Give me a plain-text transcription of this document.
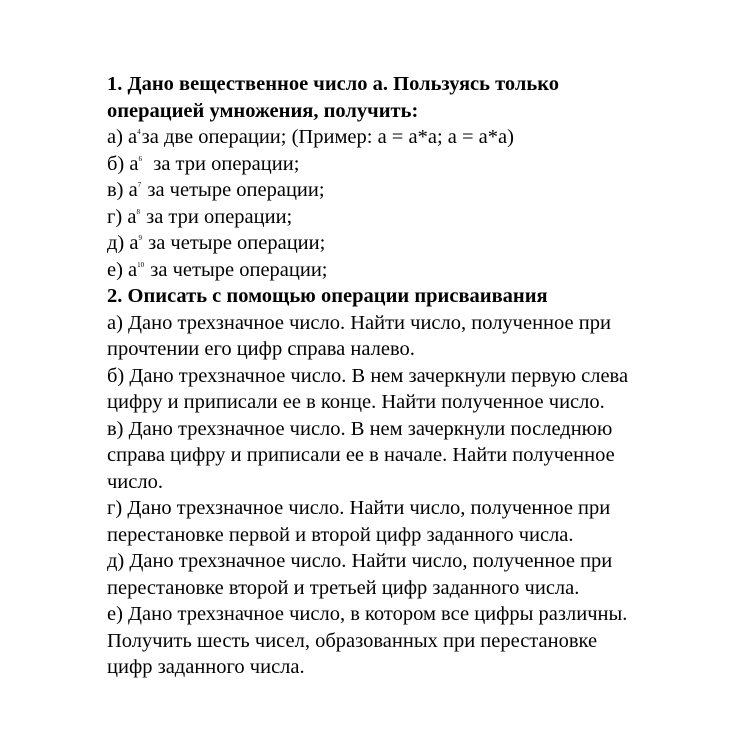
1. Дано вещественное число а. Пользуясь только
операцией умножения, получить:
а) $а^4за$ две операции; (Пример: а = а*а; а = а*а)
б) $а^6$  за три операции;
в) $а^7$ за четыре операции;
г) $а^8$ за три операции;
д) $а^9$ за четыре операции;
е) $а^{10}$ за четыре операции;
2. Описать с помощью операции присваивания
а) Дано трехзначное число. Найти число, полученное при
прочтении его цифр справа налево.
б) Дано трехзначное число. В нем зачеркнули первую слева
цифру и приписали ее в конце. Найти полученное число.
в) Дано трехзначное число. В нем зачеркнули последнюю
справа цифру и приписали ее в начале. Найти полученное
число.
г) Дано трехзначное число. Найти число, полученное при
перестановке первой и второй цифр заданного числа.
д) Дано трехзначное число. Найти число, полученное при
перестановке второй и третьей цифр заданного числа.
е) Дано трехзначное число, в котором все цифры различны.
Получить шесть чисел, образованных при перестановке
цифр заданного числа.
